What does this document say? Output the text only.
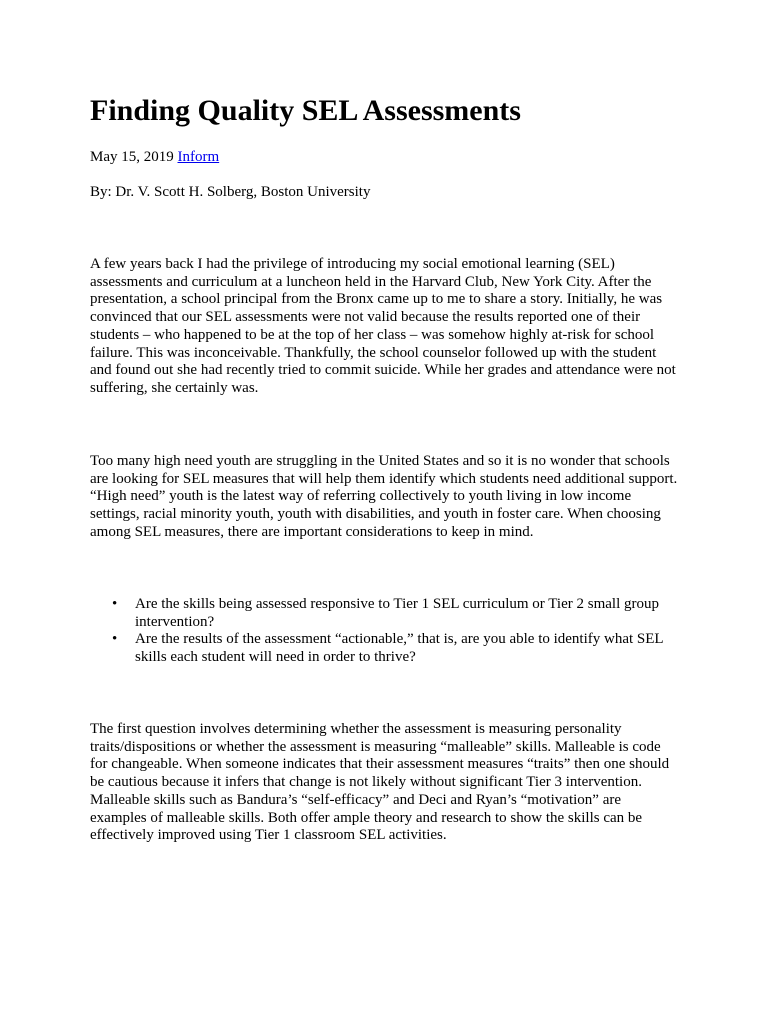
Finding Quality SEL Assessments
May 15, 2019 Inform
By: Dr. V. Scott H. Solberg, Boston University

A few years back I had the privilege of introducing my social emotional learning (SEL) assessments and curriculum at a luncheon held in the Harvard Club, New York City. After the presentation, a school principal from the Bronx came up to me to share a story. Initially, he was convinced that our SEL assessments were not valid because the results reported one of their students – who happened to be at the top of her class – was somehow highly at-risk for school failure. This was inconceivable. Thankfully, the school counselor followed up with the student and found out she had recently tried to commit suicide. While her grades and attendance were not suffering, she certainly was.

Too many high need youth are struggling in the United States and so it is no wonder that schools are looking for SEL measures that will help them identify which students need additional support. “High need” youth is the latest way of referring collectively to youth living in low income settings, racial minority youth, youth with disabilities, and youth in foster care. When choosing among SEL measures, there are important considerations to keep in mind.

• Are the skills being assessed responsive to Tier 1 SEL curriculum or Tier 2 small group intervention?
• Are the results of the assessment “actionable,” that is, are you able to identify what SEL skills each student will need in order to thrive?

The first question involves determining whether the assessment is measuring personality traits/dispositions or whether the assessment is measuring “malleable” skills. Malleable is code for changeable. When someone indicates that their assessment measures “traits” then one should be cautious because it infers that change is not likely without significant Tier 3 intervention. Malleable skills such as Bandura’s “self-efficacy” and Deci and Ryan’s “motivation” are examples of malleable skills. Both offer ample theory and research to show the skills can be effectively improved using Tier 1 classroom SEL activities.
